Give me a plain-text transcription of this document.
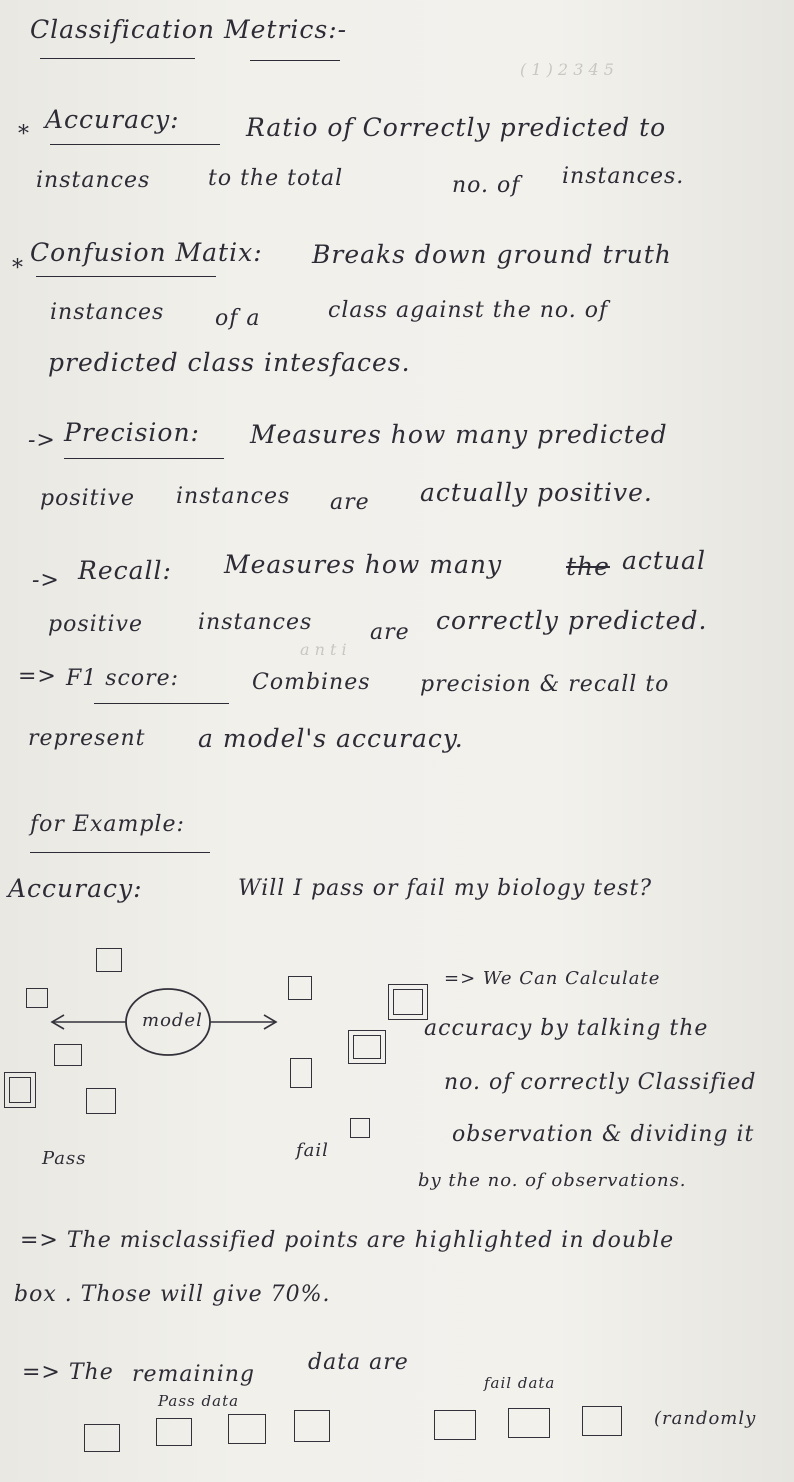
( 1 ) 2 3 4 5
a n t i
Classification Metrics:-
*
Accuracy:	Ratio of Correctly predicted to
instances	to the total	no. of instances.
*
Confusion Matix: Breaks down ground truth
instances of a	class against the no. of
predicted class intesfaces.
-> Precision: Measures how many predicted
positive instances are actually positive.
-> Recall: Measures how many	the actual
positive	instances	are correctly predicted.
=> F1 score:	Combines precision & recall to
represent a model's accuracy.
for Example:
Accuracy:	Will I pass or fail my biology test?
model
Pass	fail
=> We Can Calculate
accuracy by talking the
no. of correctly Classified
observation & dividing it
by the no. of observations.
=> The misclassified points are highlighted in double
box . Those will give 70%.
=> The remaining data are
Pass data
fail data
(randomly
